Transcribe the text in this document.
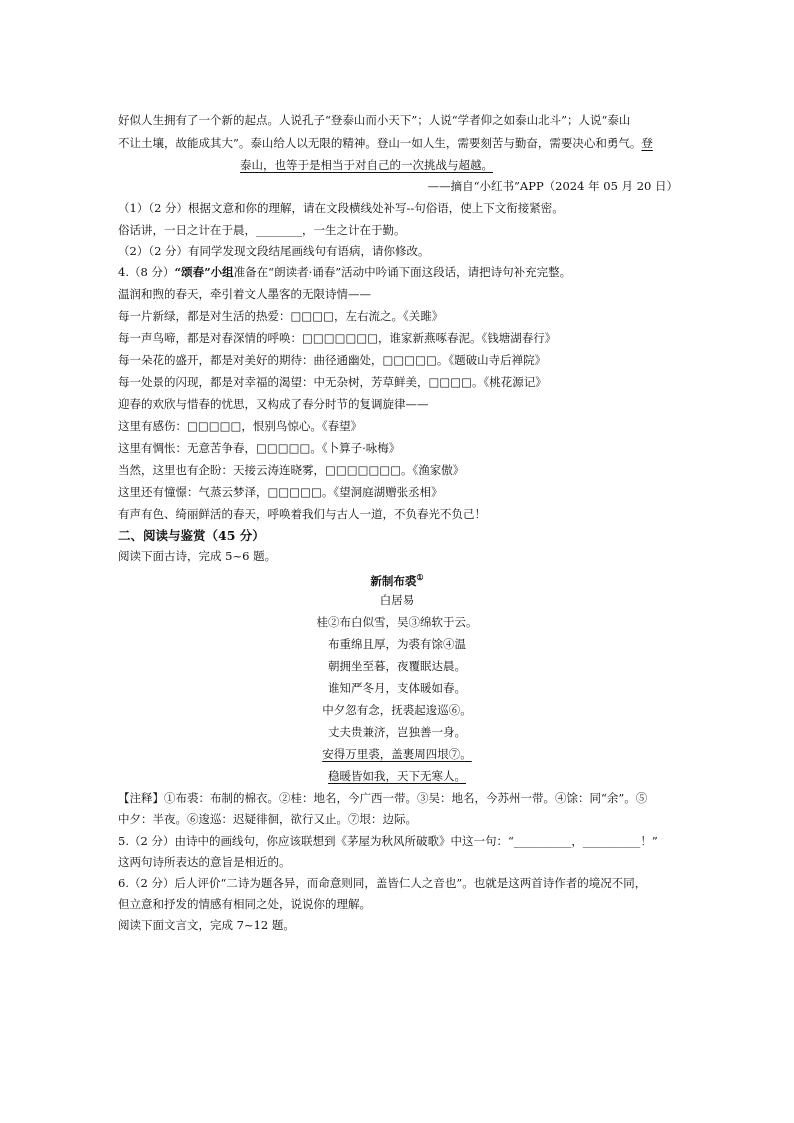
好似人生拥有了一个新的起点。人说孔子“登泰山而小天下”；人说“学者仰之如泰山北斗”；人说“泰山
不让土壤，故能成其大”。泰山给人以无限的精神。登山一如人生，需要刻苦与勤奋，需要决心和勇气。登
泰山，也等于是相当于对自己的一次挑战与超越。
——摘自“小红书”APP（2024 年 05 月 20 日）
（1）（2 分）根据文意和你的理解，请在文段横线处补写--句俗语，使上下文衔接紧密。
俗话讲，一日之计在于晨，________，一生之计在于勤。
（2）（2 分）有同学发现文段结尾画线句有语病，请你修改。
4.（8 分）“颂春”小组准备在“朗读者·诵春”活动中吟诵下面这段话，请把诗句补充完整。
温润和煦的春天，牵引着文人墨客的无限诗情——
每一片新绿，都是对生活的热爱：□□□□，左右流之。《关雎》
每一声鸟啼，都是对春深情的呼唤：□□□□□□□，谁家新燕啄春泥。《钱塘湖春行》
每一朵花的盛开，都是对美好的期待：曲径通幽处，□□□□□。《题破山寺后禅院》
每一处景的闪现，都是对幸福的渴望：中无杂树，芳草鲜美，□□□□。《桃花源记》
迎春的欢欣与惜春的忧思，又构成了春分时节的复调旋律——
这里有感伤：□□□□□，恨别鸟惊心。《春望》
这里有惆怅：无意苦争春，□□□□□。《卜算子·咏梅》
当然，这里也有企盼：天接云涛连晓雾，□□□□□□□。《渔家傲》
这里还有憧憬：气蒸云梦泽，□□□□□。《望洞庭湖赠张丞相》
有声有色、绮丽鲜活的春天，呼唤着我们与古人一道，不负春光不负己！
二、阅读与鉴赏（45 分）
阅读下面古诗，完成 5~6 题。
新制布裘①
白居易
桂②布白似雪，吴③绵软于云。
布重绵且厚，为裘有馀④温
朝拥坐至暮，夜覆眠达晨。
谁知严冬月，支体暖如春。
中夕忽有念，抚裘起逡巡⑥。
丈夫贵兼济，岂独善一身。
安得万里裘，盖裹周四垠⑦。
稳暖皆如我，天下无寒人。
【注释】①布裘：布制的棉衣。②桂：地名，今广西一带。③吴：地名，今苏州一带。④馀：同“余”。⑤
中夕：半夜。⑥逡巡：迟疑徘徊，欲行又止。⑦垠：边际。
5.（2 分）由诗中的画线句，你应该联想到《茅屋为秋风所破歌》中这一句：“__________，__________！”
这两句诗所表达的意旨是相近的。
6.（2 分）后人评价“二诗为题各异，而命意则同，盖皆仁人之音也”。也就是这两首诗作者的境况不同，
但立意和抒发的情感有相同之处，说说你的理解。
阅读下面文言文，完成 7~12 题。
